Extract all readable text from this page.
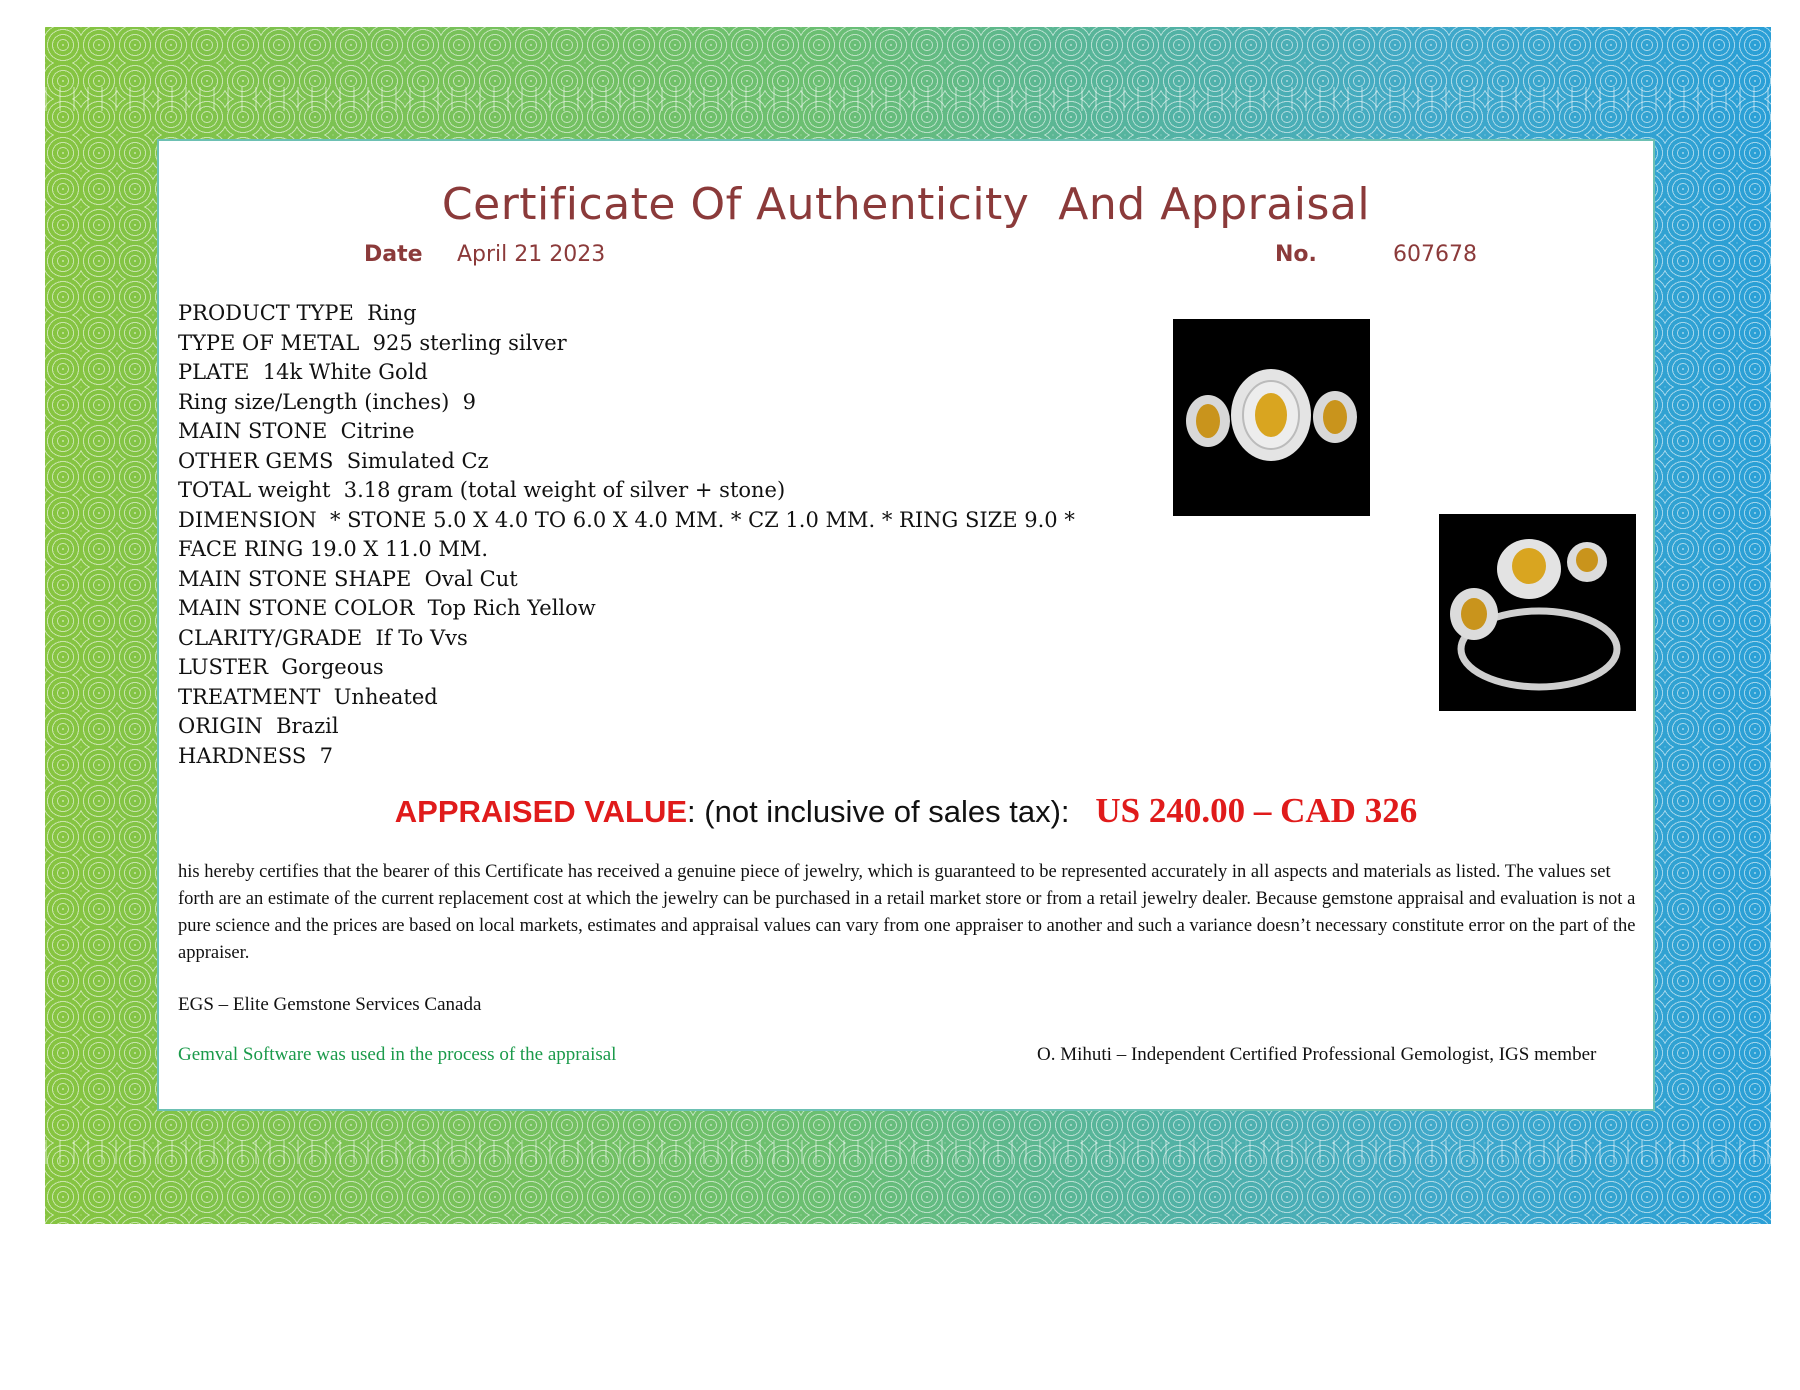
Certificate Of Authenticity  And Appraisal
Date April 21 2023	No.	607678
PRODUCT TYPE  Ring
TYPE OF METAL  925 sterling silver
PLATE  14k White Gold
Ring size/Length (inches)  9
MAIN STONE  Citrine
OTHER GEMS  Simulated Cz
TOTAL weight  3.18 gram (total weight of silver + stone)
DIMENSION  * STONE 5.0 X 4.0 TO 6.0 X 4.0 MM. * CZ 1.0 MM. * RING SIZE 9.0 * FACE RING 19.0 X 11.0 MM.
MAIN STONE SHAPE  Oval Cut
MAIN STONE COLOR  Top Rich Yellow
CLARITY/GRADE  If To Vvs
LUSTER  Gorgeous
TREATMENT  Unheated
ORIGIN  Brazil
HARDNESS  7
APPRAISED VALUE: (not inclusive of sales tax):   US 240.00 – CAD 326
his hereby certifies that the bearer of this Certificate has received a genuine piece of jewelry, which is guaranteed to be represented accurately in all aspects and materials as listed. The values set forth are an estimate of the current replacement cost at which the jewelry can be purchased in a retail market store or from a retail jewelry dealer. Because gemstone appraisal and evaluation is not a pure science and the prices are based on local markets, estimates and appraisal values can vary from one appraiser to another and such a variance doesn’t necessary constitute error on the part of the appraiser.
EGS – Elite Gemstone Services Canada
Gemval Software was used in the process of the appraisal	O. Mihuti – Independent Certified Professional Gemologist, IGS member
